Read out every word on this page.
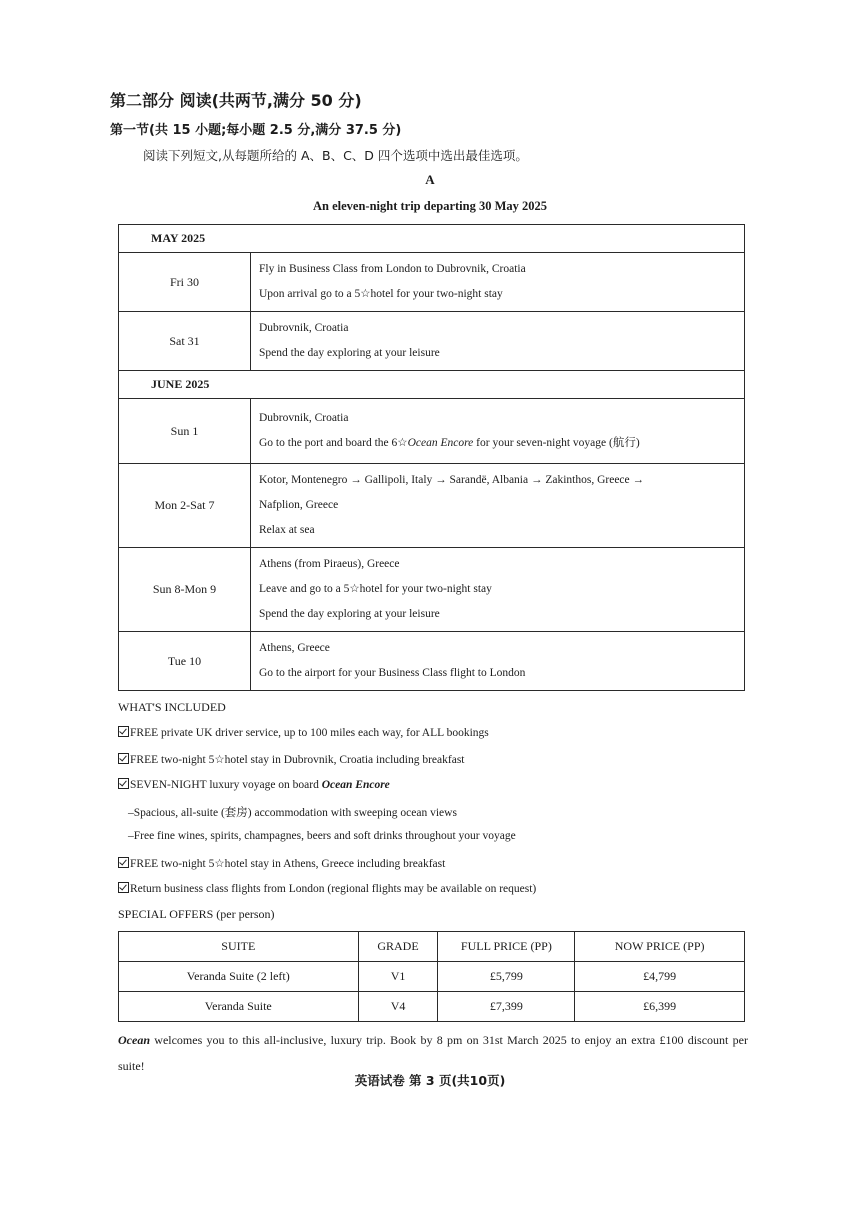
第二部分 阅读(共两节,满分 50 分)
第一节(共 15 小题;每小题 2.5 分,满分 37.5 分)
阅读下列短文,从每题所给的 A、B、C、D 四个选项中选出最佳选项。
A
An eleven-night trip departing 30 May 2025
MAY 2025	
Fri 30	Fly in Business Class from London to Dubrovnik, Croatia
Upon arrival go to a 5☆hotel for your two-night stay

Sat 31	Dubrovnik, Croatia
Spend the day exploring at your leisure

JUNE 2025	
Sun 1	Dubrovnik, Croatia
Go to the port and board the 6☆Ocean Encore for your seven-night voyage (航行)

Mon 2-Sat 7	Kotor, Montenegro → Gallipoli, Italy → Sarandë, Albania → Zakinthos, Greece →
Nafplion, Greece
Relax at sea

Sun 8-Mon 9	Athens (from Piraeus), Greece
Leave and go to a 5☆hotel for your two-night stay
Spend the day exploring at your leisure

Tue 10	Athens, Greece
Go to the airport for your Business Class flight to London
WHAT'S INCLUDED
FREE private UK driver service, up to 100 miles each way, for ALL bookings
FREE two-night 5☆hotel stay in Dubrovnik, Croatia including breakfast
SEVEN-NIGHT luxury voyage on board Ocean Encore
–Spacious, all-suite (套房) accommodation with sweeping ocean views
–Free fine wines, spirits, champagnes, beers and soft drinks throughout your voyage
FREE two-night 5☆hotel stay in Athens, Greece including breakfast
Return business class flights from London (regional flights may be available on request)
SPECIAL OFFERS (per person)
SUITE	GRADE	FULL PRICE (PP)	NOW PRICE (PP)
Veranda Suite (2 left)	V1	£5,799	£4,799
Veranda Suite	V4	£7,399	£6,399
Ocean welcomes you to this all-inclusive, luxury trip. Book by 8 pm on 31st March 2025 to enjoy an extra £100 discount per suite!
英语试卷 第 3 页(共10页)
